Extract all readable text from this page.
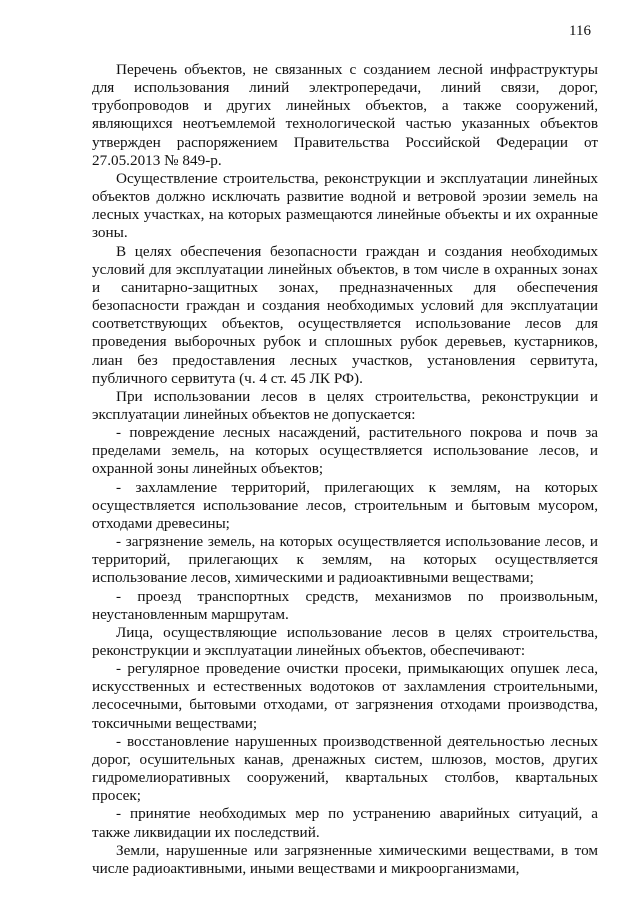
116

Перечень объектов, не связанных с созданием лесной инфраструктуры для использования линий электропередачи, линий связи, дорог, трубопроводов и других линейных объектов, а также сооружений, являющихся неотъемлемой технологической частью указанных объектов утвержден распоряжением Правительства Российской Федерации от 27.05.2013 № 849-р.

Осуществление строительства, реконструкции и эксплуатации линейных объектов должно исключать развитие водной и ветровой эрозии земель на лесных участках, на которых размещаются линейные объекты и их охранные зоны.

В целях обеспечения безопасности граждан и создания необходимых условий для эксплуатации линейных объектов, в том числе в охранных зонах и санитарно-защитных зонах, предназначенных для обеспечения безопасности граждан и создания необходимых условий для эксплуатации соответствующих объектов, осуществляется использование лесов для проведения выборочных рубок и сплошных рубок деревьев, кустарников, лиан без предоставления лесных участков, установления сервитута, публичного сервитута (ч. 4 ст. 45 ЛК РФ).

При использовании лесов в целях строительства, реконструкции и эксплуатации линейных объектов не допускается:

- повреждение лесных насаждений, растительного покрова и почв за пределами земель, на которых осуществляется использование лесов, и охранной зоны линейных объектов;

- захламление территорий, прилегающих к землям, на которых осуществляется использование лесов, строительным и бытовым мусором, отходами древесины;

- загрязнение земель, на которых осуществляется использование лесов, и территорий, прилегающих к землям, на которых осуществляется использование лесов, химическими и радиоактивными веществами;

- проезд транспортных средств, механизмов по произвольным, неустановленным маршрутам.

Лица, осуществляющие использование лесов в целях строительства, реконструкции и эксплуатации линейных объектов, обеспечивают:

- регулярное проведение очистки просеки, примыкающих опушек леса, искусственных и естественных водотоков от захламления строительными, лесосечными, бытовыми отходами, от загрязнения отходами производства, токсичными веществами;

- восстановление нарушенных производственной деятельностью лесных дорог, осушительных канав, дренажных систем, шлюзов, мостов, других гидромелиоративных сооружений, квартальных столбов, квартальных просек;

- принятие необходимых мер по устранению аварийных ситуаций, а также ликвидации их последствий.

Земли, нарушенные или загрязненные химическими веществами, в том числе радиоактивными, иными веществами и микроорганизмами,
